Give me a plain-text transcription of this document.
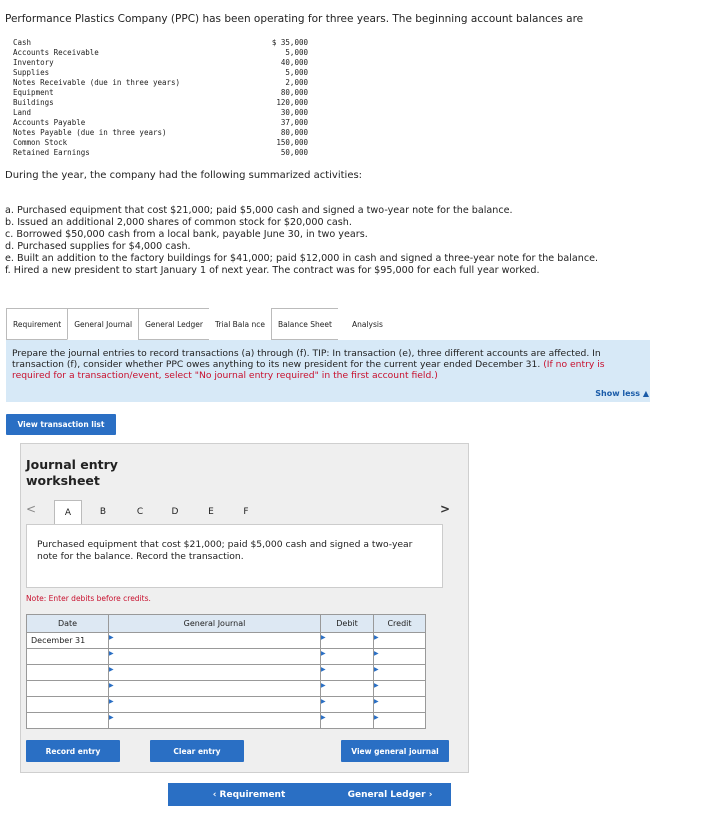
Performance Plastics Company (PPC) has been operating for three years. The beginning account balances are
Cash	$ 35,000
Accounts Receivable	5,000
Inventory	40,000
Supplies	5,000
Notes Receivable (due in three years)	2,000
Equipment	80,000
Buildings	120,000
Land	30,000
Accounts Payable	37,000
Notes Payable (due in three years)	80,000
Common Stock	150,000
Retained Earnings	50,000
During the year, the company had the following summarized activities:
a. Purchased equipment that cost $21,000; paid $5,000 cash and signed a two-year note for the balance.
b. Issued an additional 2,000 shares of common stock for $20,000 cash.
c. Borrowed $50,000 cash from a local bank, payable June 30, in two years.
d. Purchased supplies for $4,000 cash.
e. Built an addition to the factory buildings for $41,000; paid $12,000 in cash and signed a three-year note for the balance.
f. Hired a new president to start January 1 of next year. The contract was for $95,000 for each full year worked.
Requirement	General Journal	General Ledger	Trial Bala nce	Balance Sheet	Analysis
Prepare the journal entries to record transactions (a) through (f). TIP: In transaction (e), three different accounts are affected. In transaction (f), consider whether PPC owes anything to its new president for the current year ended December 31. (If no entry is required for a transaction/event, select "No journal entry required" in the first account field.)
Show less ▲
View transaction list
Journal entry worksheet
<	A	B	C	D	E	F	>
Purchased equipment that cost $21,000; paid $5,000 cash and signed a two-year note for the balance. Record the transaction.
Note: Enter debits before credits.
Date	General Journal	Debit	Credit
December 31	▶	▶	▶

	▶	▶	▶

	▶	▶	▶

	▶	▶	▶

	▶	▶	▶

	▶	▶	▶
Record entry	Clear entry	View general journal
‹ Requirement	General Ledger ›
